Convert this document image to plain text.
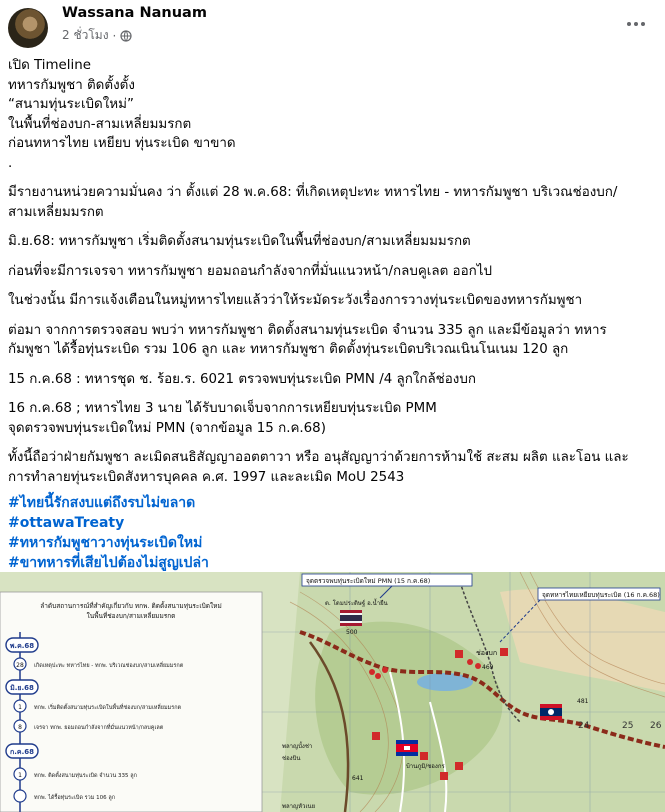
Wassana Nanuam
2 ชั่วโมง ·
เปิด Timeline
ทหารกัมพูชา ติดตั้งตั้ง
“สนามทุ่นระเบิดใหม่”
ในพื้นที่ช่องบก-สามเหลี่ยมมรกต
ก่อนทหารไทย เหยียบ ทุ่นระเบิด ขาขาด
.
มีรายงานหน่วยความมั่นคง ว่า ตั้งแต่ 28 พ.ค.68: ที่เกิดเหตุปะทะ ทหารไทย - ทหารกัมพูชา บริเวณช่องบก/
สามเหลี่ยมมรกต
มิ.ย.68: ทหารกัมพูชา เริ่มติดตั้งสนามทุ่นระเบิดในพื้นที่ช่องบก/สามเหลี่ยมมมรกต
ก่อนที่จะมีการเจรจา ทหารกัมพูชา ยอมถอนกำลังจากที่มั่นแนวหน้า/กลบคูเลต ออกไป
ในช่วงนั้น มีการแจ้งเตือนในหมู่ทหารไทยแล้วว่าให้ระมัดระวังเรื่องการวางทุ่นระเบิดของทหารกัมพูชา
ต่อมา จากการตรวจสอบ พบว่า ทหารกัมพูชา ติดตั้งสนามทุ่นระเบิด จำนวน 335 ลูก และมีข้อมูลว่า ทหาร
กัมพูชา ได้รื้อทุ่นระเบิด รวม 106 ลูก และ ทหารกัมพูชา ติดตั้งทุ่นระเบิดบริเวณเนินโนเนม 120 ลูก
15 ก.ค.68 : ทหารชุด ช. ร้อย.ร. 6021 ตรวจพบทุ่นระเบิด PMN /4 ลูกใกล้ช่องบก
16 ก.ค.68 ; ทหารไทย 3 นาย ได้รับบาดเจ็บจากการเหยียบทุ่นระเบิด PMM
จุดตรวจพบทุ่นระเบิดใหม่ PMN (จากข้อมูล 15 ก.ค.68)
ทั้งนี้ถือว่าฝ่ายกัมพูชา ละเมิดสนธิสัญญาออตตาวา หรือ อนุสัญญาว่าด้วยการห้ามใช้ สะสม ผลิต และโอน และ
การทำลายทุ่นระเบิดสังหารบุคคล ค.ศ. 1997 และละเมิด MoU 2543
#ไทยนี้รักสงบแต่ถึงรบไม่ขลาด
#ottawaTreaty
#ทหารกัมพูชาวางทุ่นระเบิดใหม่
#ขาทหารที่เสียไปต้องไม่สูญเปล่า
ลำดับสถานการณ์ที่สำคัญเกี่ยวกับ ทกพ. ติดตั้งสนามทุ่นระเบิดใหม่
ในพื้นที่ช่องบก/สามเหลี่ยมมรกต
พ.ค.68
28 เกิดเหตุปะทะ ทหารไทย - ทกพ. บริเวณช่องบก/สามเหลี่ยมมรกต
มิ.ย.68
1 ทกพ. เริ่มติดตั้งสนามทุ่นระเบิดในพื้นที่ช่องบก/สามเหลี่ยมมรกต
8 เจรจา ทกพ. ยอมถอนกำลังจากที่มั่นแนวหน้า/กลบคูเลต
ก.ค.68
1 ทกพ. ติดตั้งสนามทุ่นระเบิด จำนวน 335 ลูก
ทกพ. ได้รื้อทุ่นระเบิด รวม 106 ลูก
จุดตรวจพบทุ่นระเบิดใหม่ PMN (15 ก.ค.68)
จุดทหารไทยเหยียบทุ่นระเบิด (16 ก.ค.68)
ต. โดมประดิษฐ์ อ.น้ำยืน
ช่องบก
500
469
481
641
25
24	26
พลาญบั้งช่า
พลาญหัวเนย
ช่องบิน
บ้านภูมิ/ชองกร
